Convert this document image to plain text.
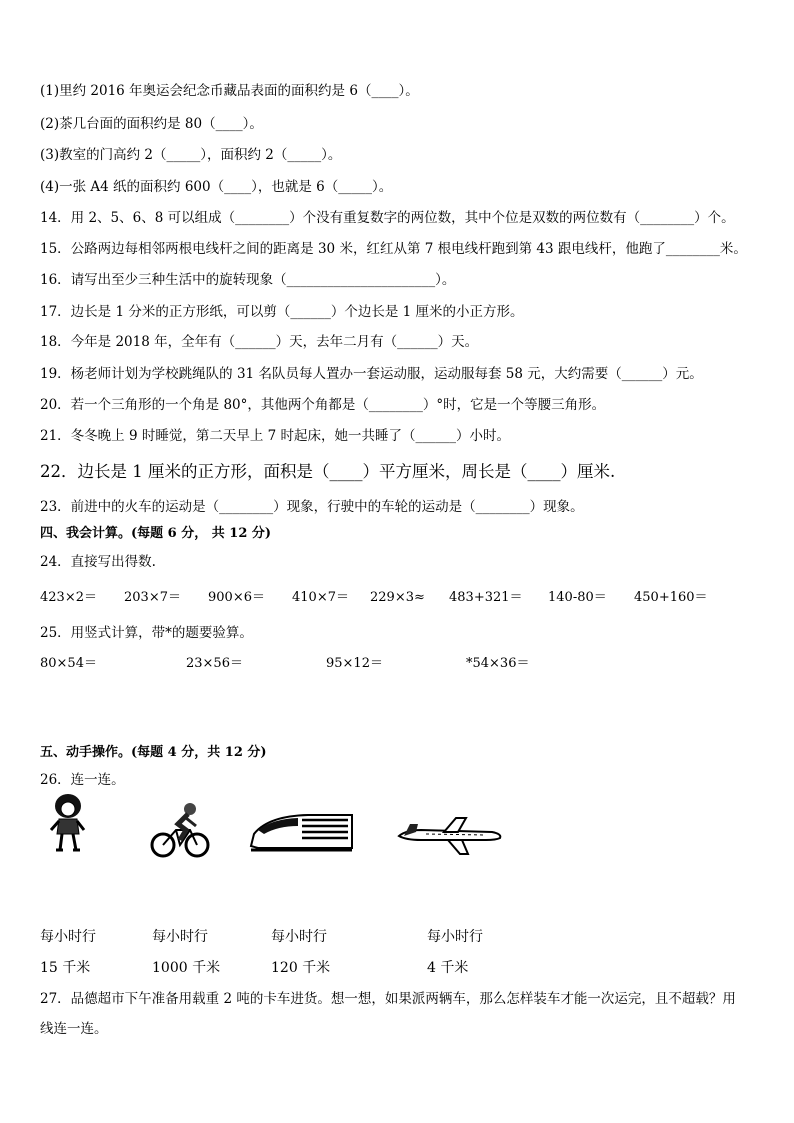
(1)里约 2016 年奥运会纪念币藏品表面的面积约是 6（____）。
(2)茶几台面的面积约是 80（____）。
(3)教室的门高约 2（_____），面积约 2（_____）。
(4)一张 A4 纸的面积约 600（____），也就是 6（_____）。
14．用 2、5、6、8 可以组成（________）个没有重复数字的两位数，其中个位是双数的两位数有（________）个。
15．公路两边每相邻两根电线杆之间的距离是 30 米，红红从第 7 根电线杆跑到第 43 跟电线杆，他跑了________米。
16．请写出至少三种生活中的旋转现象（______________________）。
17．边长是 1 分米的正方形纸，可以剪（______）个边长是 1 厘米的小正方形。
18．今年是 2018 年，全年有（______）天，去年二月有（______）天。
19．杨老师计划为学校跳绳队的 31 名队员每人置办一套运动服，运动服每套 58 元，大约需要（______）元。
20．若一个三角形的一个角是 80°，其他两个角都是（________）°时，它是一个等腰三角形。
21．冬冬晚上 9 时睡觉，第二天早上 7 时起床，她一共睡了（______）小时。
22．边长是 1 厘米的正方形，面积是（____）平方厘米，周长是（____）厘米.
23．前进中的火车的运动是（________）现象，行驶中的车轮的运动是（________）现象。
四、我会计算。(每题 6 分， 共 12 分)
24．直接写出得数.
423×2＝ 203×7＝ 900×6＝ 410×7＝ 229×3≈ 483+321＝ 140-80＝ 450+160＝
25．用竖式计算，带*的题要验算。
80×54＝	23×56＝	95×12＝	*54×36＝
五、动手操作。(每题 4 分，共 12 分)
26．连一连。
每小时行
15 千米
每小时行
1000 千米
每小时行
120 千米
每小时行
4 千米
27．品德超市下午准备用载重 2 吨的卡车进货。想一想，如果派两辆车，那么怎样装车才能一次运完，且不超载？用
线连一连。
